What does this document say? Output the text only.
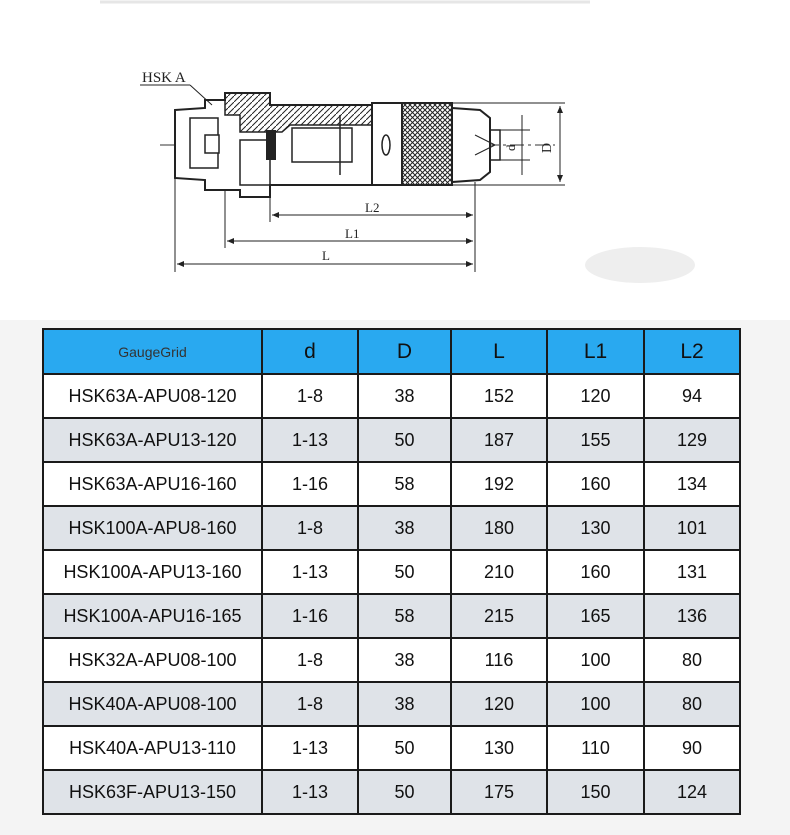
HSK A
D
d
L2
L1
L
GaugeGrid	d	D	L	L1	L2
HSK63A-APU08-120	1-8	38	152	120	94
HSK63A-APU13-120	1-13	50	187	155	129
HSK63A-APU16-160	1-16	58	192	160	134
HSK100A-APU8-160	1-8	38	180	130	101
HSK100A-APU13-160	1-13	50	210	160	131
HSK100A-APU16-165	1-16	58	215	165	136
HSK32A-APU08-100	1-8	38	116	100	80
HSK40A-APU08-100	1-8	38	120	100	80
HSK40A-APU13-110	1-13	50	130	110	90
HSK63F-APU13-150	1-13	50	175	150	124
